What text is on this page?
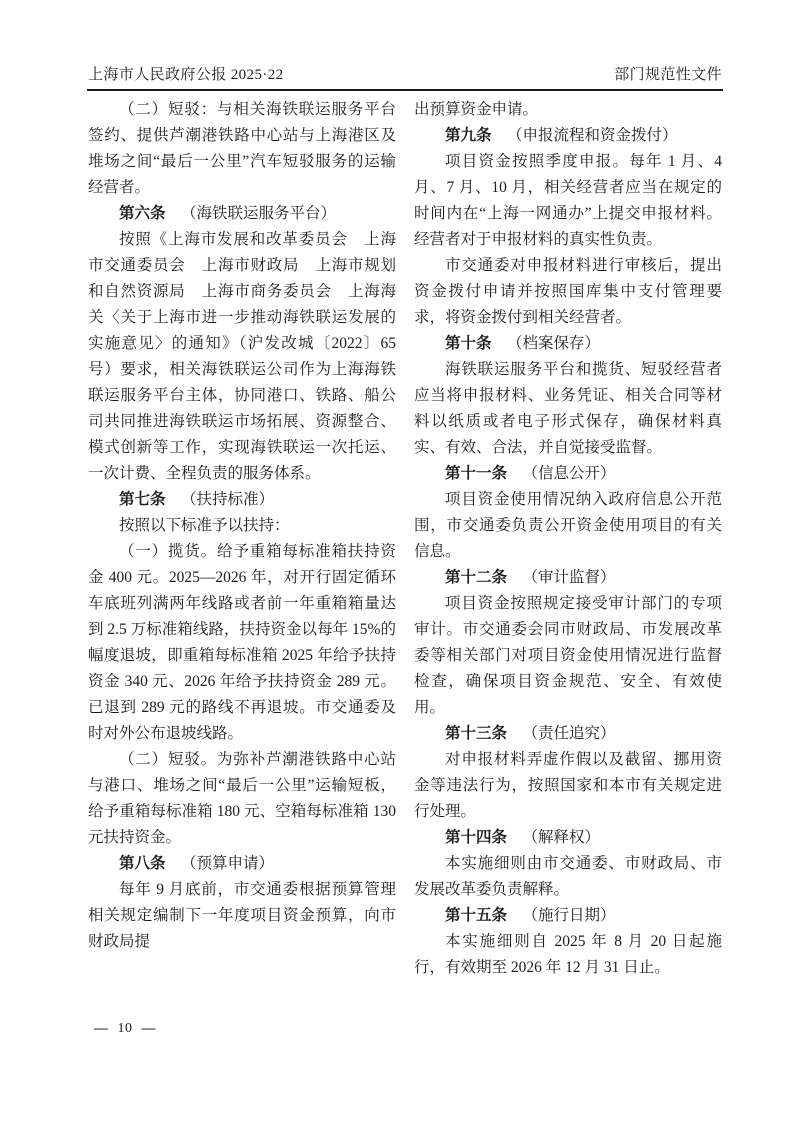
上海市人民政府公报 2025·22	部门规范性文件

（二）短驳：与相关海铁联运服务平台签约、提供芦潮港铁路中心站与上海港区及堆场之间“最后一公里”汽车短驳服务的运输经营者。

第六条 （海铁联运服务平台）

按照《上海市发展和改革委员会　上海市交通委员会　上海市财政局　上海市规划和自然资源局　上海市商务委员会　上海海关〈关于上海市进一步推动海铁联运发展的实施意见〉的通知》（沪发改城〔2022〕65 号）要求，相关海铁联运公司作为上海海铁联运服务平台主体，协同港口、铁路、船公司共同推进海铁联运市场拓展、资源整合、模式创新等工作，实现海铁联运一次托运、一次计费、全程负责的服务体系。

第七条 （扶持标准）

按照以下标准予以扶持：

（一）揽货。给予重箱每标准箱扶持资金 400 元。2025—2026 年，对开行固定循环车底班列满两年线路或者前一年重箱箱量达到 2.5 万标准箱线路，扶持资金以每年 15%的幅度退坡，即重箱每标准箱 2025 年给予扶持资金 340 元、2026 年给予扶持资金 289 元。已退到 289 元的路线不再退坡。市交通委及时对外公布退坡线路。

（二）短驳。为弥补芦潮港铁路中心站与港口、堆场之间“最后一公里”运输短板，给予重箱每标准箱 180 元、空箱每标准箱 130 元扶持资金。

第八条 （预算申请）

每年 9 月底前，市交通委根据预算管理相关规定编制下一年度项目资金预算，向市财政局提

出预算资金申请。

第九条 （申报流程和资金拨付）

项目资金按照季度申报。每年 1 月、4 月、7 月、10 月，相关经营者应当在规定的时间内在“上海一网通办”上提交申报材料。经营者对于申报材料的真实性负责。

市交通委对申报材料进行审核后，提出资金拨付申请并按照国库集中支付管理要求，将资金拨付到相关经营者。

第十条 （档案保存）

海铁联运服务平台和揽货、短驳经营者应当将申报材料、业务凭证、相关合同等材料以纸质或者电子形式保存，确保材料真实、有效、合法，并自觉接受监督。

第十一条 （信息公开）

项目资金使用情况纳入政府信息公开范围，市交通委负责公开资金使用项目的有关信息。

第十二条 （审计监督）

项目资金按照规定接受审计部门的专项审计。市交通委会同市财政局、市发展改革委等相关部门对项目资金使用情况进行监督检查，确保项目资金规范、安全、有效使用。

第十三条 （责任追究）

对申报材料弄虚作假以及截留、挪用资金等违法行为，按照国家和本市有关规定进行处理。

第十四条 （解释权）

本实施细则由市交通委、市财政局、市发展改革委负责解释。

第十五条 （施行日期）

本实施细则自 2025 年 8 月 20 日起施行，有效期至 2026 年 12 月 31 日止。

— 10 —
